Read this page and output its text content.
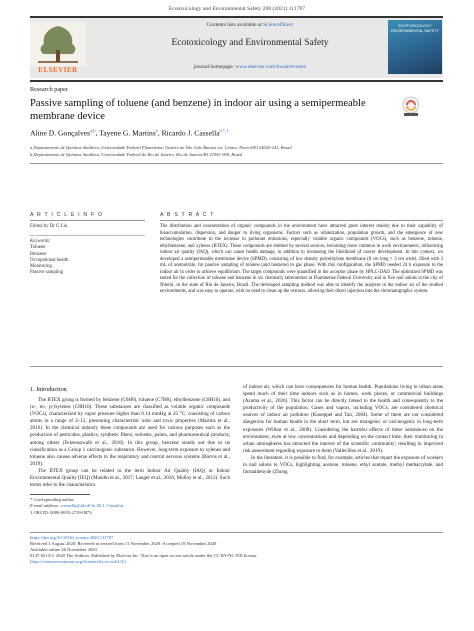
Ecotoxicology and Environmental Safety 208 (2021) 111707
ELSEVIER
Contents lists available at ScienceDirect
Ecotoxicology and Environmental Safety
journal homepage: www.elsevier.com/locate/ecoenv
ECOTOXICOLOGY ENVIRONMENTAL SAFETY
Research paper
Passive sampling of toluene (and benzene) in indoor air using a semipermeable membrane device
Aline D. Gonçalves$^{a,b}$, Tayene G. Martins$^a$, Ricardo J. Cassella$^{a,*,1}$
a Departamento de Química Analítica, Universidade Federal Fluminense, Outeiro de São João Batista s/n, Centro, Niterói/RJ 24020-141, Brazil
b Departamento de Química Analítica, Universidade Federal do Rio de Janeiro, Rio de Janeiro/RJ 21941-909, Brazil
A R T I C L E I N F O	A B S T R A C T
Edited by Dr G Liu
Keywords:
Toluene
Benzene
Occupational health
Monitoring
Passive sampling
The distribution and concentration of organic compounds in the environment have attracted great interest mainly due to their capability of bioaccumulation, dispersion, and danger to living organisms. Factors such as urbanization, population growth, and the emergence of new technologies contribute to the increase in pollutant emissions, especially volatile organic compounds (VOCs), such as benzene, toluene, ethylbenzene, and xylenes (BTEX). These compounds are emitted by several sources, becoming more common in work environments, influencing indoor air quality (IAQ), which can cause health damage, in addition to increasing the likelihood of cancer development. In this context, we developed a semipermeable membrane device (SPMD), consisting of low density polyethylene membrane (8 cm long × 3 cm wide), filled with 3 mL of acetonitrile, for passive sampling of toluene (and benzene) in gas phase. With this configuration, the SPMD needed 24 h exposure to the indoor air in order to achieve equilibrium. The target compounds were quantified in the acceptor phase by HPLC-DAD. The optimized SPMD was tested for the collection of toluene and benzene in six chemistry laboratories at Fluminense Federal University and in five nail salons in the city of Niterói, in the state of Rio de Janeiro, Brazil. The developed sampling method was able to identify the analytes in the indoor air of the studied environments, and was easy to operate, with no need to clean up the extracts, allowing their direct injection into the chromatographic system.
1. Introduction

The BTEX group is formed by benzene (C6H6), toluene (C7H8), ethylbenzene (C8H10), and (o-, m-, p-)xylenes (C8H10). These substances are classified as volatile organic compounds (VOCs), characterized by vapor pressure higher than 0.14 mmHg at 25 °C, consisting of carbon atoms in a range of 2–12, presenting characteristic odor and toxic properties (Martins et al., 2016). In the chemical industry these compounds are used for various purposes such as the production of pesticides, plastics, synthetic fibers, solvents, paints, and pharmaceutical products, among others (Felzenszwalb et al., 2018). In this group, benzene stands out due to its classification as a Group 1 carcinogenic substance. However, long-term exposure to xylenes and toluene also causes adverse effects to the respiratory and central nervous systems (Barros et al., 2019).

The BTEX group can be related to the term Indoor Air Quality (IAQ) or Indoor Environmental Quality (IEQ) (Mandin et al., 2017; Langer et al., 2016; Molloy et al., 2012). Such terms refer to the characteristics

of indoor air, which can have consequences for human health. Populations living in urban areas spend much of their time indoors such as in homes, work places, or commercial buildings (Azuma et al., 2020). This factor can be directly linked to the health and consequently to the productivity of the population. Gases and vapors, including VOCs, are considered chemical sources of indoor air pollution (Knoeppel and Tan, 2004). Some of them are not considered dangerous for human health in the short term, but are mutagenic or carcinogenic in long-term exposures (Wilbur et al., 2008). Considering the harmful effects of these substances on the environment, even at low concentrations and depending on the contact time, their monitoring in urban atmospheres has attracted the interest of the scientific community; resulting in improved risk assessment regarding exposure to them (Vallecillos et al., 2019).

In the literature, it is possible to find, for example, articles that report the exposure of workers in nail salons to VOCs, highlighting acetone, toluene, ethyl acetate, methyl methacrylate, and formaldehyde (Zhong

* Corresponding author.
E-mail address: rcassella@id.uff.br (R.J. Cassella).
1 ORCID: 0000-0003-2739-0873.
https://doi.org/10.1016/j.ecoenv.2020.111707
Received 3 August 2020; Received in revised form 11 November 2020; Accepted 19 November 2020
Available online 26 November 2020
0147-6513/© 2020 The Authors. Published by Elsevier Inc. This is an open access article under the CC BY-NC-ND license
(http://creativecommons.org/licenses/by-nc-nd/4.0/).
